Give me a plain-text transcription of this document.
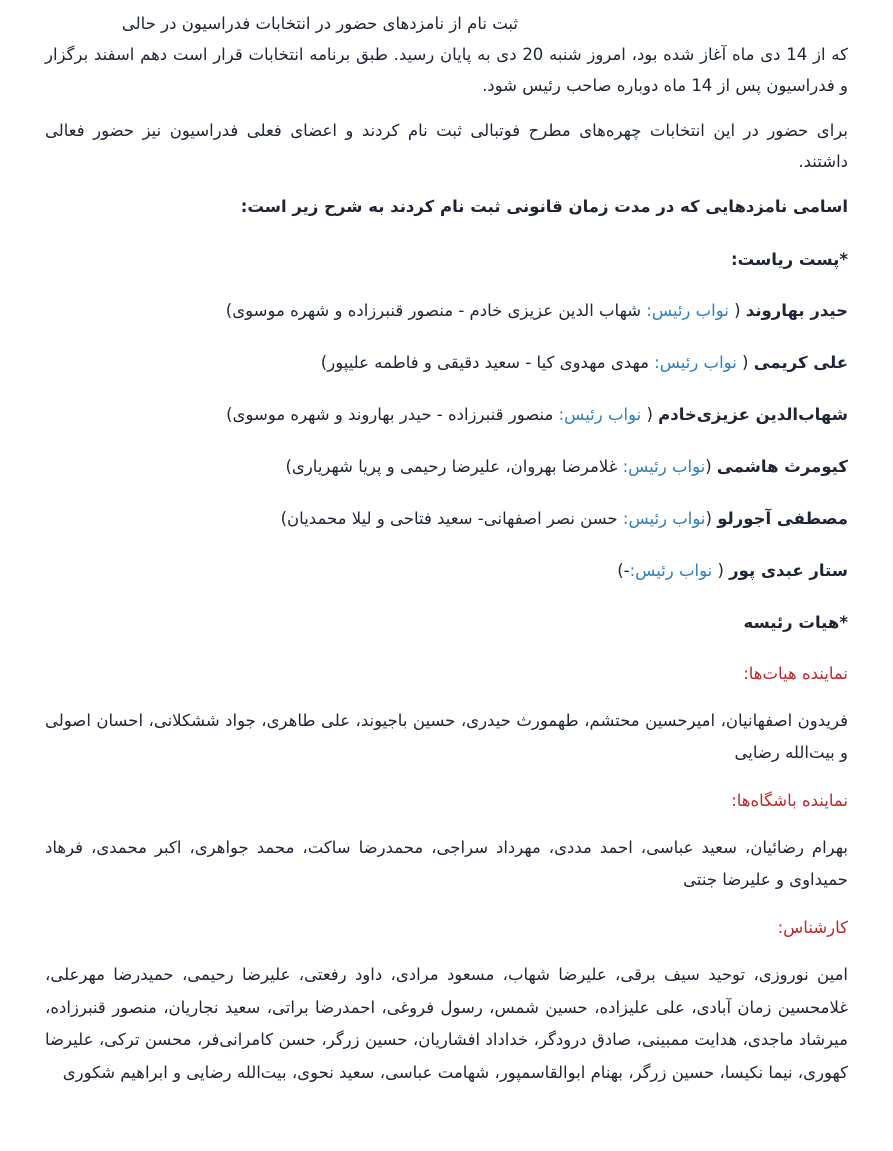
ثبت نام از نامزدهای حضور در انتخابات فدراسیون در حالی
که از 14 دی ماه آغاز شده بود، امروز شنبه 20 دی به پایان رسید. طبق برنامه انتخابات قرار است دهم اسفند برگزار و فدراسیون پس از 14 ماه دوباره صاحب رئیس شود.
برای حضور در این انتخابات چهره‌های مطرح فوتبالی ثبت نام کردند و اعضای فعلی فدراسیون نیز حضور فعالی داشتند.
اسامی نامزدهایی که در مدت زمان قانونی ثبت نام کردند به شرح زیر است:
*پست ریاست:
حیدر بهاروند ( نواب رئیس: شهاب الدین عزیزی خادم - منصور قنبرزاده و شهره موسوی)
علی کریمی ( نواب رئیس: مهدی مهدوی کیا - سعید دقیقی و فاطمه علیپور)
شهاب‌الدین عزیزی‌خادم ( نواب رئیس: منصور قنبرزاده - حیدر بهاروند و شهره موسوی)
کیومرث هاشمی (نواب رئیس: غلامرضا بهروان، علیرضا رحیمی و پریا شهریاری)
مصطفی آجورلو (نواب رئیس: حسن نصر اصفهانی- سعید فتاحی و لیلا محمدیان)
ستار عبدی پور ( نواب رئیس:-)
*هیات رئیسه
نماینده هیات‌ها:
فریدون اصفهانیان، امیرحسین محتشم، طهمورث حیدری، حسین باجیوند، علی طاهری، جواد ششکلانی، احسان اصولی و بیت‌الله رضایی
نماینده باشگاه‌ها:
بهرام رضائیان، سعید عباسی، احمد مددی، مهرداد سراجی، محمدرضا ساکت، محمد جواهری، اکبر محمدی، فرهاد حمیداوی و علیرضا جنتی
کارشناس:
امین نوروزی، توحید سیف برقی، علیرضا شهاب، مسعود مرادی، داود رفعتی، علیرضا رحیمی، حمیدرضا مهرعلی، غلامحسین زمان آبادی، علی علیزاده، حسین شمس، رسول فروغی، احمدرضا براتی، سعید نجاریان، منصور قنبرزاده، میرشاد ماجدی، هدایت ممبینی، صادق درودگر، خداداد افشاریان، حسین زرگر، حسن کامرانی‌فر، محسن ترکی، علیرضا کهوری، نیما نکیسا، حسین زرگر، بهنام ابوالقاسمپور، شهامت عباسی، سعید نحوی، بیت‌الله رضایی و ابراهیم شکوری
